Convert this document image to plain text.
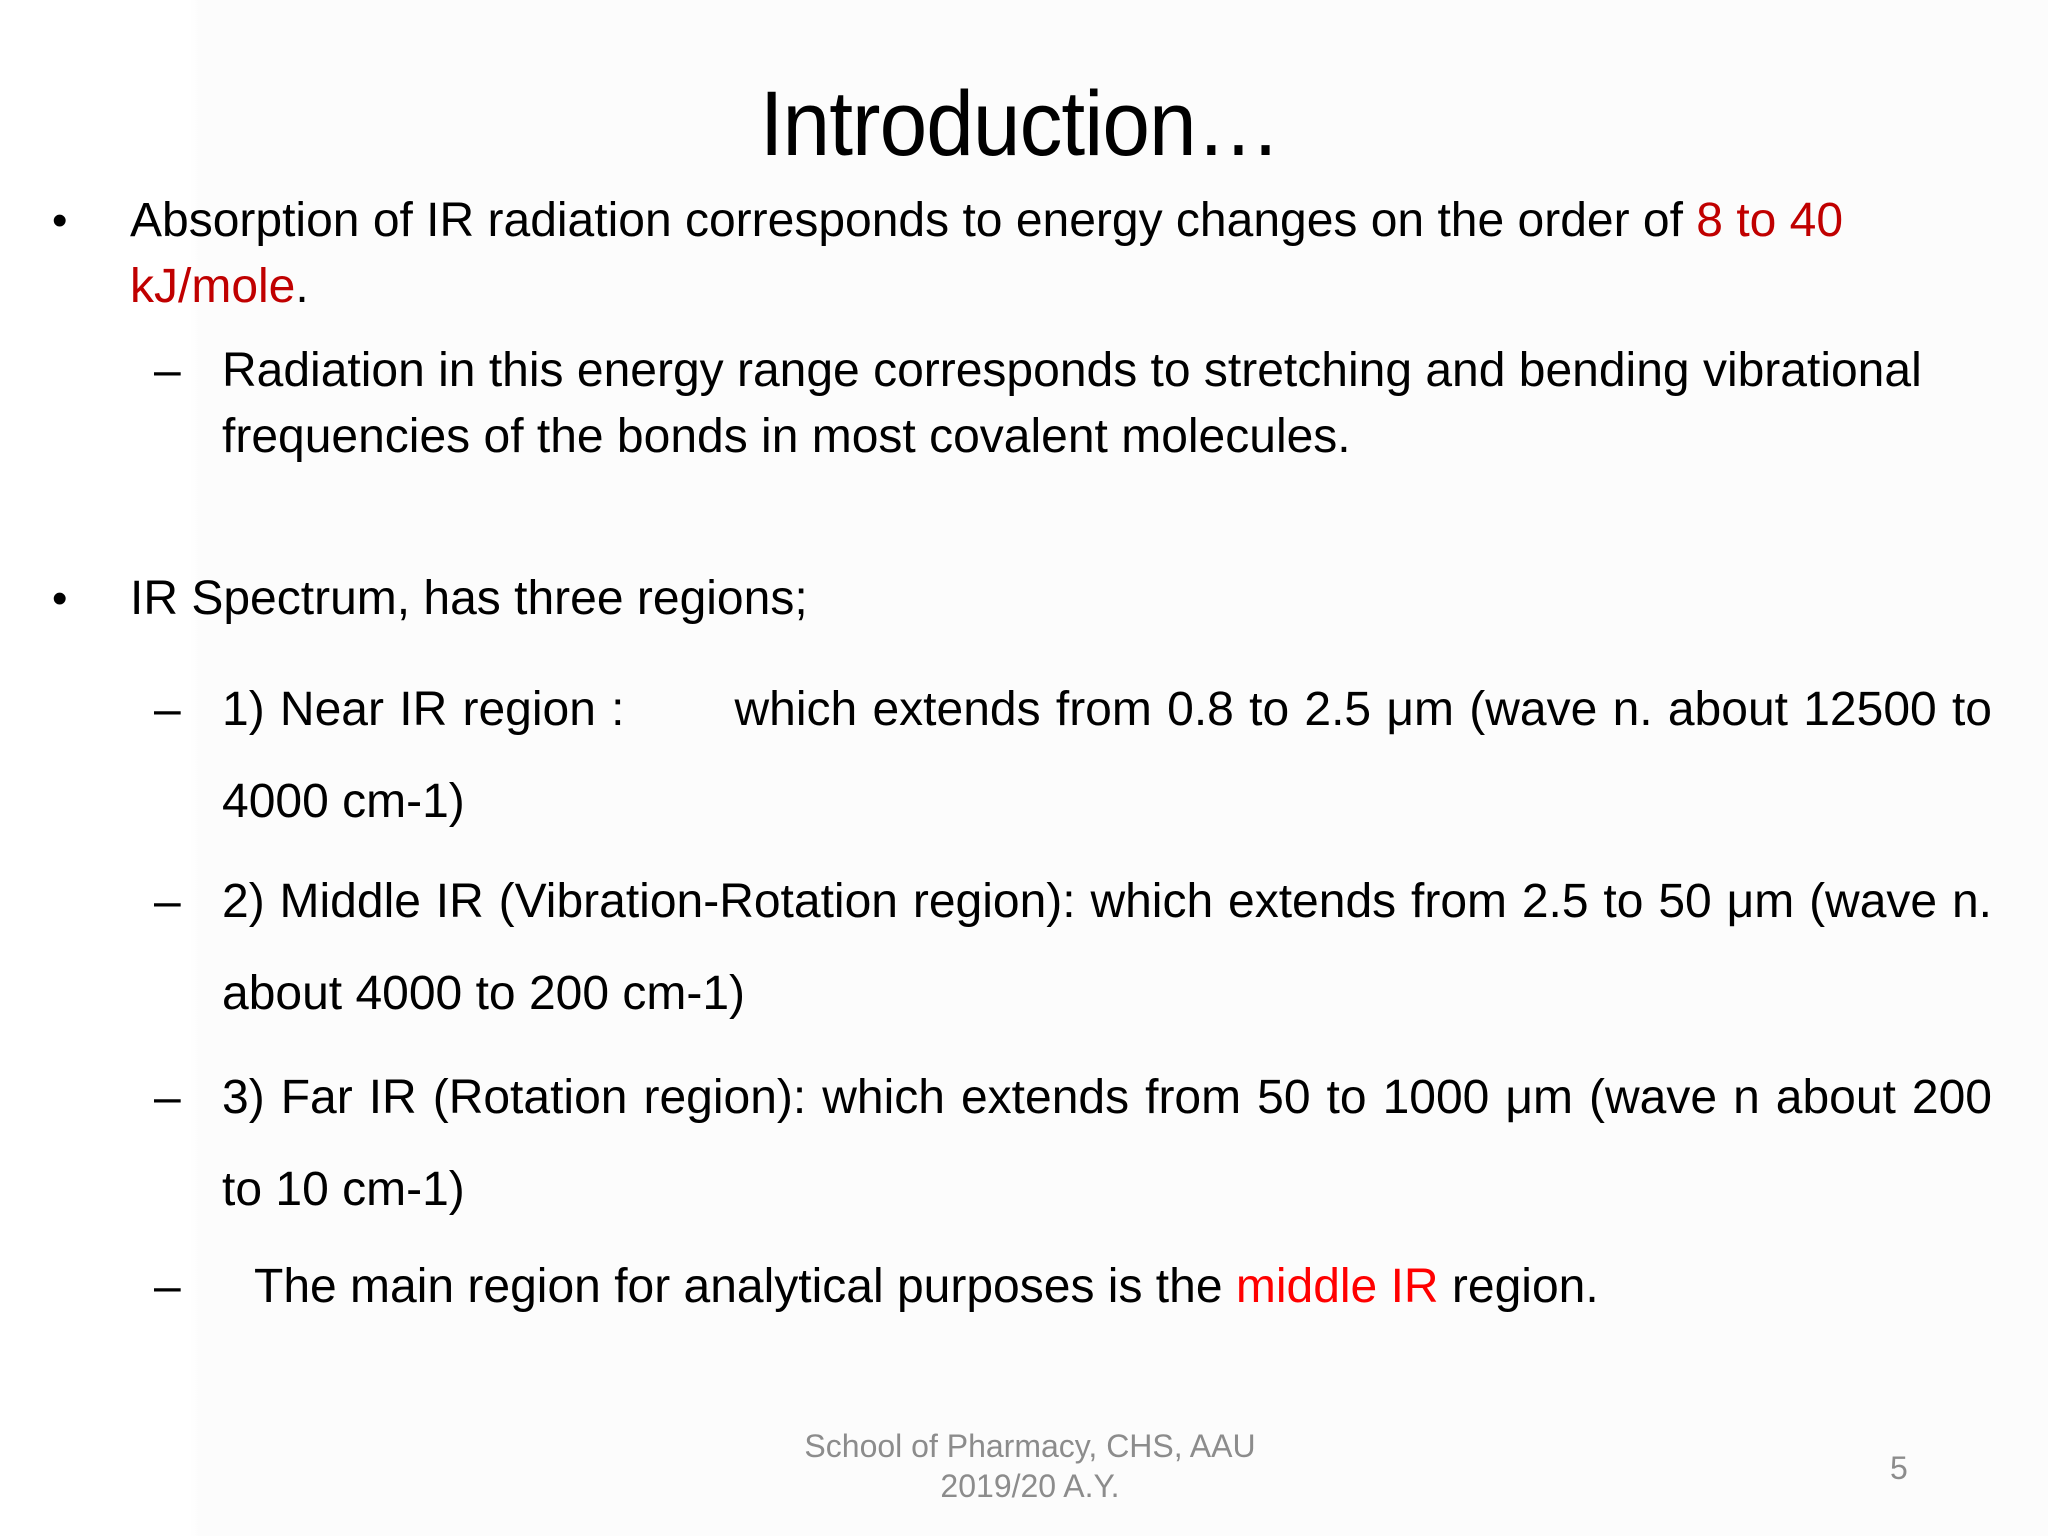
Introduction…
• Absorption of IR radiation corresponds to energy changes on the order of 8 to 40 kJ/mole.
– Radiation in this energy range corresponds to stretching and bending vibrational frequencies of the bonds in most covalent molecules.
• IR Spectrum, has three regions;
– 1) Near IR region : which extends from 0.8 to 2.5 μm (wave n. about 12500 to 4000 cm-1)
– 2) Middle IR (Vibration-Rotation region): which extends from 2.5 to 50 μm (wave n. about 4000 to 200 cm-1)
– 3) Far IR (Rotation region): which extends from 50 to 1000 μm (wave n about 200 to 10 cm-1)
– The main region for analytical purposes is the middle IR region.
School of Pharmacy, CHS, AAU
2019/20 A.Y.	5
